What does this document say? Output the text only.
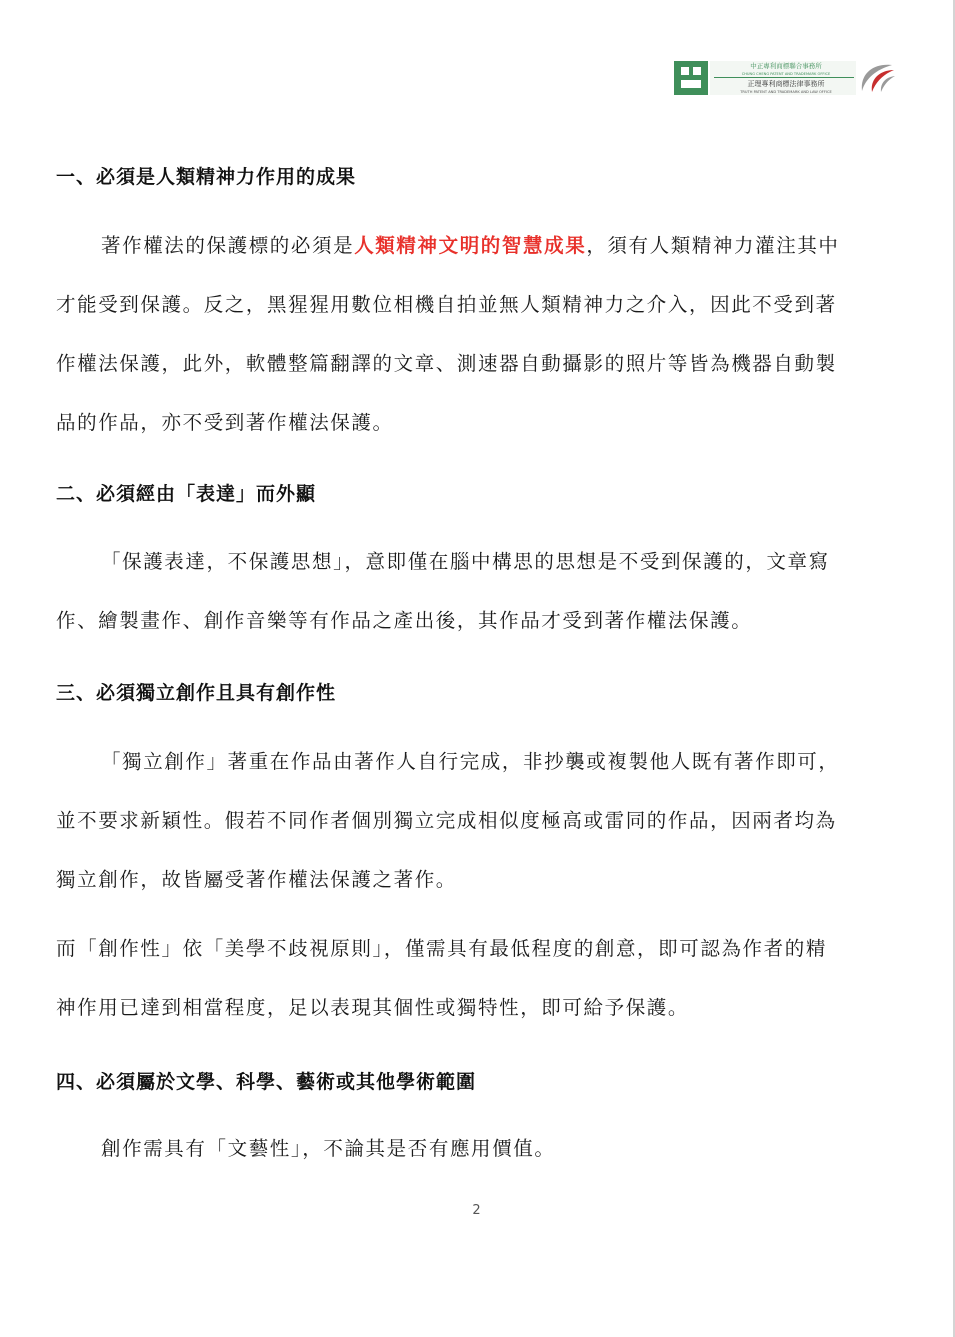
中正專利商標聯合事務所
CHUNG CHENG PATENT AND TRADEMARK OFFICE
正理專利商標法律事務所
TRUTH PATENT AND TRADEMARK AND LAW OFFICE
一、必須是人類精神力作用的成果
著作權法的保護標的必須是人類精神文明的智慧成果，須有人類精神力灌注其中
才能受到保護。反之，黑猩猩用數位相機自拍並無人類精神力之介入，因此不受到著
作權法保護，此外，軟體整篇翻譯的文章、測速器自動攝影的照片等皆為機器自動製
品的作品，亦不受到著作權法保護。
二、必須經由「表達」而外顯
「保護表達，不保護思想」，意即僅在腦中構思的思想是不受到保護的，文章寫
作、繪製畫作、創作音樂等有作品之產出後，其作品才受到著作權法保護。
三、必須獨立創作且具有創作性
「獨立創作」著重在作品由著作人自行完成，非抄襲或複製他人既有著作即可，
並不要求新穎性。假若不同作者個別獨立完成相似度極高或雷同的作品，因兩者均為
獨立創作，故皆屬受著作權法保護之著作。
而「創作性」依「美學不歧視原則」，僅需具有最低程度的創意，即可認為作者的精
神作用已達到相當程度，足以表現其個性或獨特性，即可給予保護。
四、必須屬於文學、科學、藝術或其他學術範圍
創作需具有「文藝性」，不論其是否有應用價值。
2
